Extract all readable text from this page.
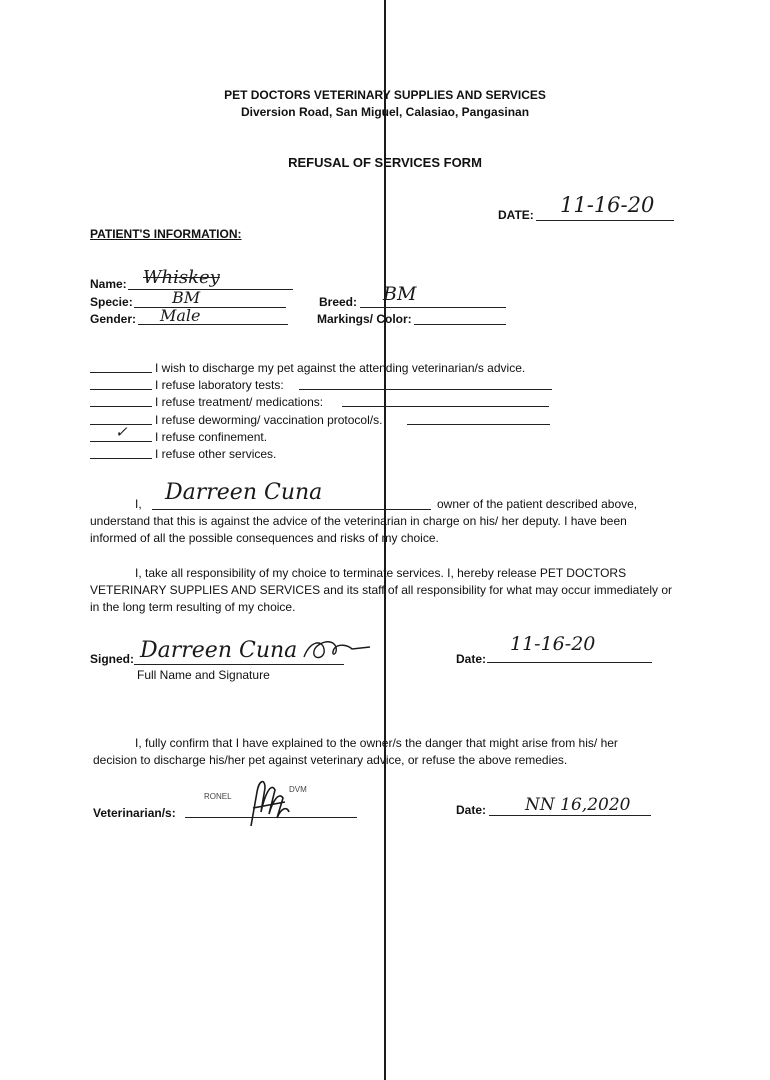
PET DOCTORS VETERINARY SUPPLIES AND SERVICES
Diversion Road, San Miguel, Calasiao, Pangasinan
REFUSAL OF SERVICES FORM
DATE: 11-16-20
PATIENT'S INFORMATION:
Name: Whiskey
Specie: BM
Gender: Male
Breed: BM
Markings/ Color:
I wish to discharge my pet against the attending veterinarian/s advice.
I refuse laboratory tests:
I refuse treatment/ medications:
I refuse deworming/ vaccination protocol/s.
✓ I refuse confinement.
I refuse other services.
I, Darreen Cuna	owner of the patient described above,
understand that this is against the advice of the veterinarian in charge on his/ her deputy. I have been
informed of all the possible consequences and risks of my choice.
I, take all responsibility of my choice to terminate services. I, hereby release PET DOCTORS
VETERINARY SUPPLIES AND SERVICES and its staff of all responsibility for what may occur immediately or
in the long term resulting of my choice.
Signed: Darreen Cuna
Full Name and Signature
Date:
11-16-20
I, fully confirm that I have explained to the owner/s the danger that might arise from his/ her
decision to discharge his/her pet against veterinary advice, or refuse the above remedies.
Veterinarian/s:
RONEL
DVM
Date: NN 16,2020
